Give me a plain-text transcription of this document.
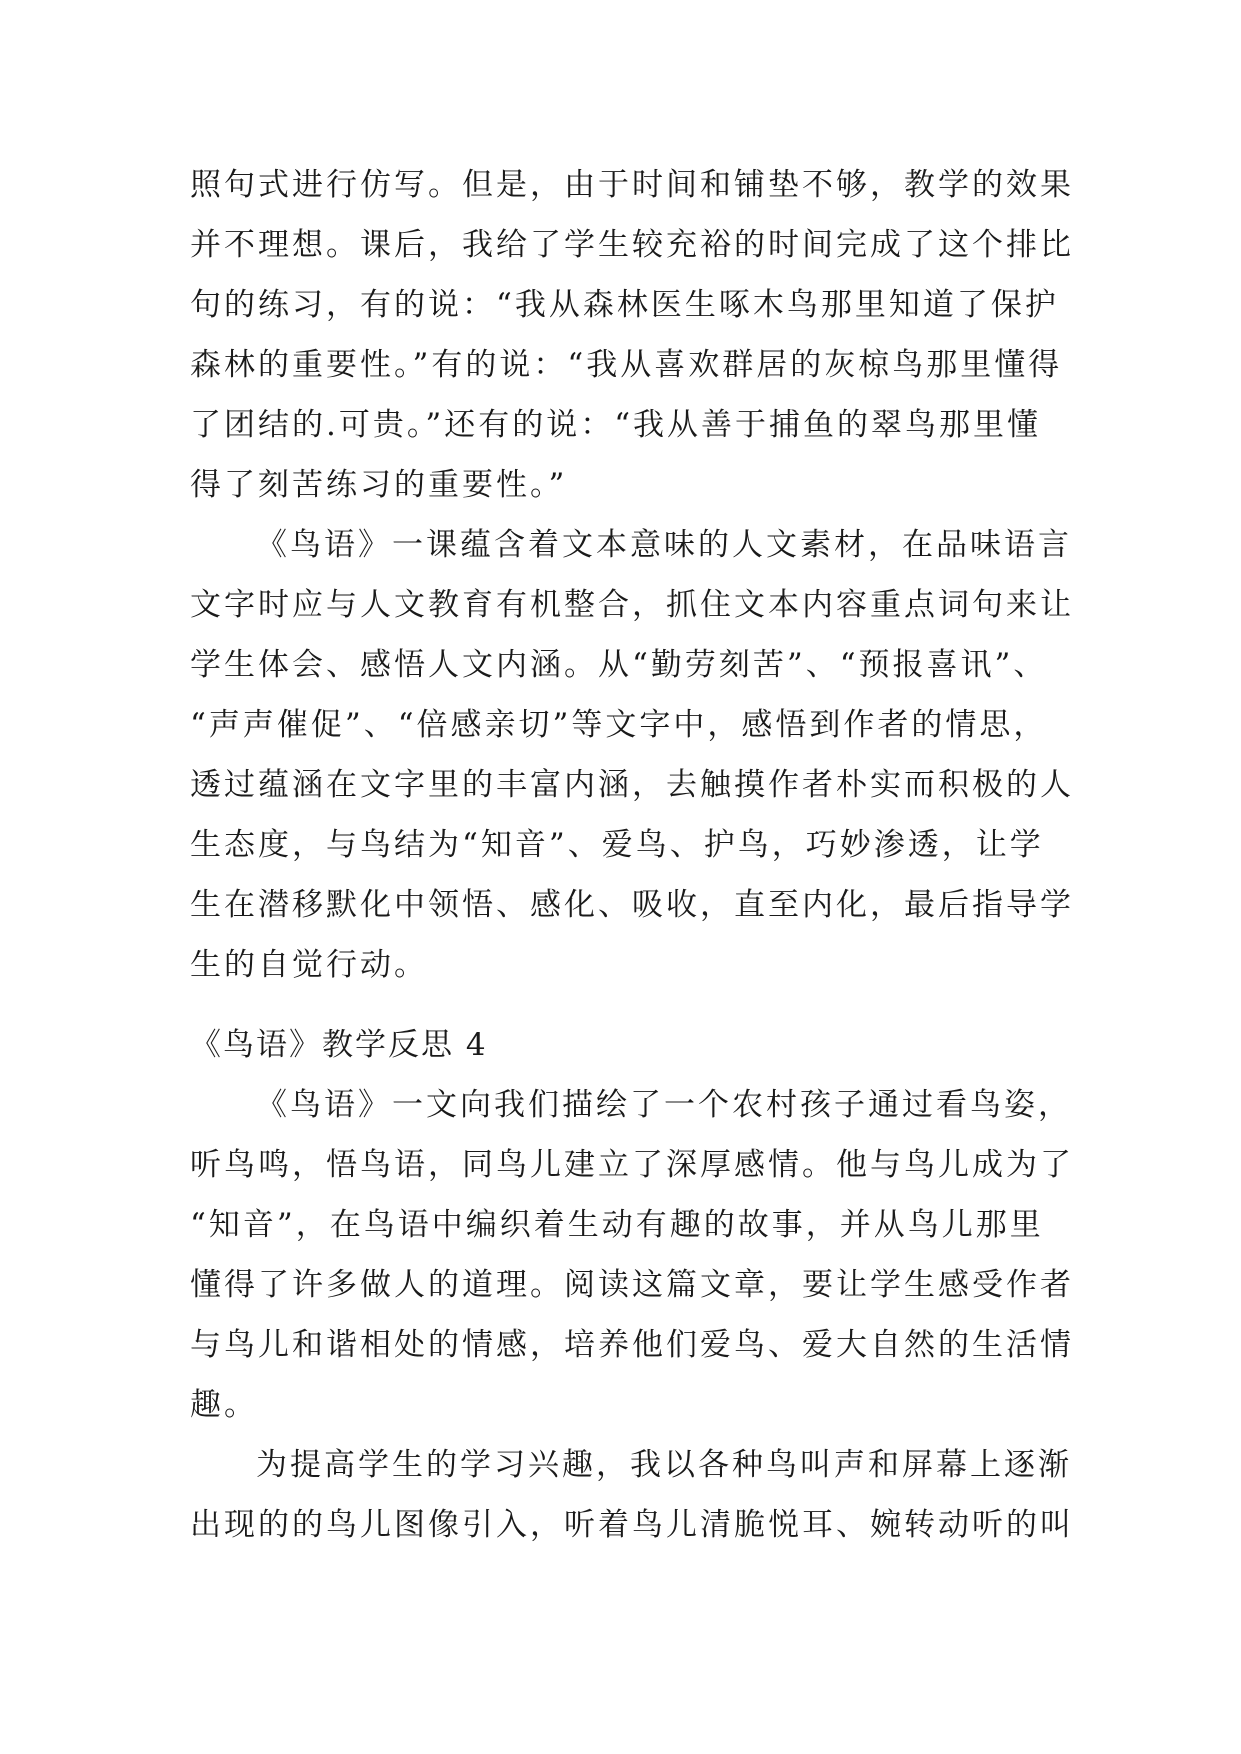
照句式进行仿写。但是，由于时间和铺垫不够，教学的效果
并不理想。课后，我给了学生较充裕的时间完成了这个排比
句的练习，有的说：“我从森林医生啄木鸟那里知道了保护
森林的重要性。”有的说：“我从喜欢群居的灰椋鸟那里懂得
了团结的.可贵。”还有的说：“我从善于捕鱼的翠鸟那里懂
得了刻苦练习的重要性。”
《鸟语》一课蕴含着文本意味的人文素材，在品味语言
文字时应与人文教育有机整合，抓住文本内容重点词句来让
学生体会、感悟人文内涵。从“勤劳刻苦”、“预报喜讯”、
“声声催促”、“倍感亲切”等文字中，感悟到作者的情思，
透过蕴涵在文字里的丰富内涵，去触摸作者朴实而积极的人
生态度，与鸟结为“知音”、爱鸟、护鸟，巧妙渗透，让学
生在潜移默化中领悟、感化、吸收，直至内化，最后指导学
生的自觉行动。
《鸟语》教学反思 4
《鸟语》一文向我们描绘了一个农村孩子通过看鸟姿，
听鸟鸣，悟鸟语，同鸟儿建立了深厚感情。他与鸟儿成为了
“知音”，在鸟语中编织着生动有趣的故事，并从鸟儿那里
懂得了许多做人的道理。阅读这篇文章，要让学生感受作者
与鸟儿和谐相处的情感，培养他们爱鸟、爱大自然的生活情
趣。
为提高学生的学习兴趣，我以各种鸟叫声和屏幕上逐渐
出现的的鸟儿图像引入，听着鸟儿清脆悦耳、婉转动听的叫
